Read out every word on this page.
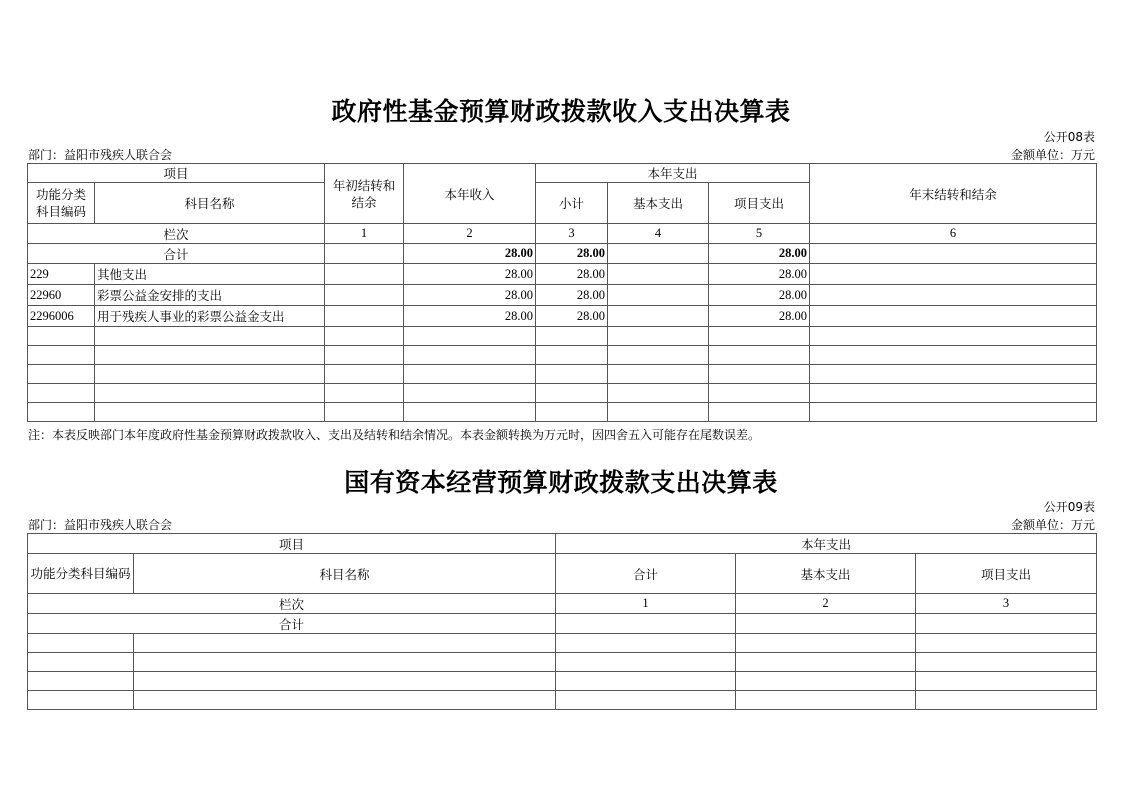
政府性基金预算财政拨款收入支出决算表
公开08表
部门：益阳市残疾人联合会	金额单位：万元
项目		年初结转和结余	本年收入	本年支出			年末结转和结余
功能分类科目编码	科目名称			小计	基本支出	项目支出	
栏次		1	2	3	4	5	6
合计			28.00	28.00		28.00	
229	其他支出		28.00	28.00		28.00	
22960	彩票公益金安排的支出		28.00	28.00		28.00	
2296006	用于残疾人事业的彩票公益金支出		28.00	28.00		28.00	

注：本表反映部门本年度政府性基金预算财政拨款收入、支出及结转和结余情况。本表金额转换为万元时，因四舍五入可能存在尾数误差。
国有资本经营预算财政拨款支出决算表
公开09表
部门：益阳市残疾人联合会	金额单位：万元
项目		本年支出		
功能分类科目编码	科目名称	合计	基本支出	项目支出
栏次		1	2	3
合计				
